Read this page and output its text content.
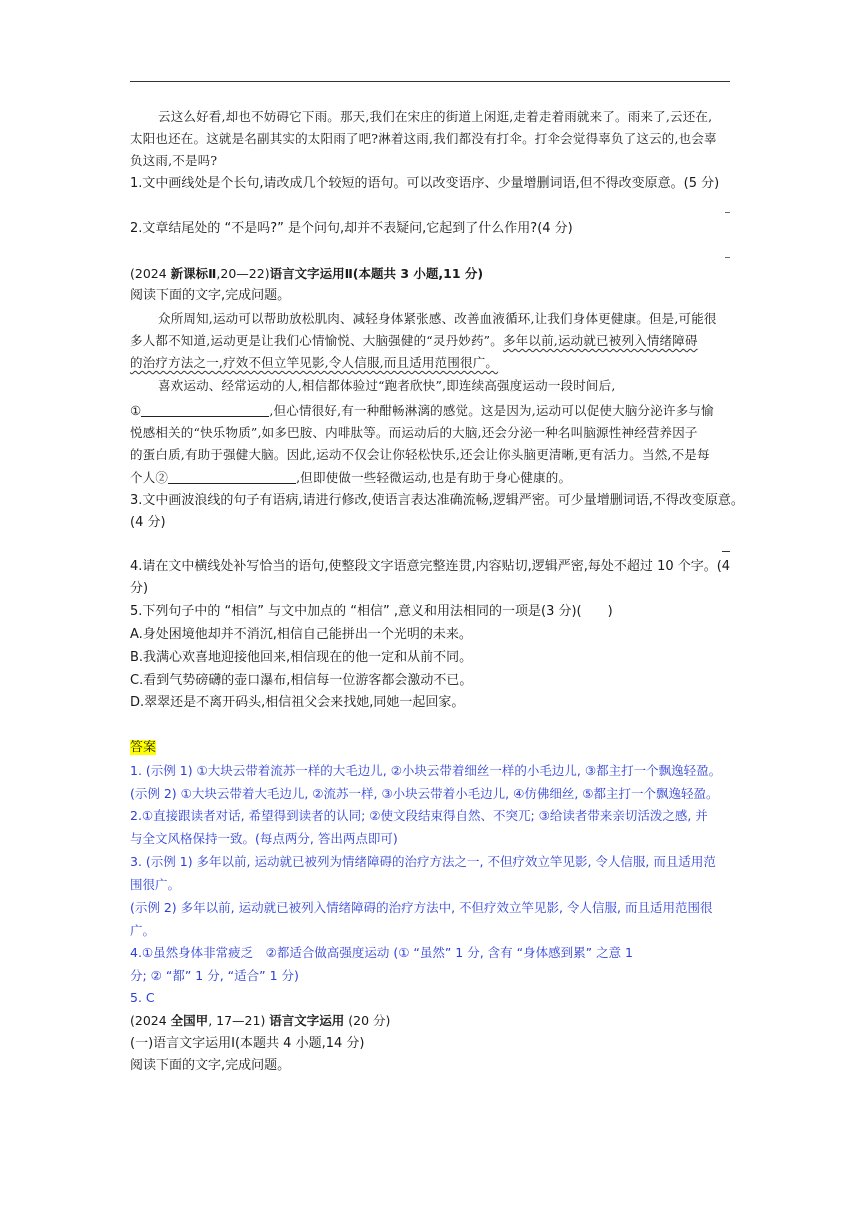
云这么好看,却也不妨碍它下雨。那天,我们在宋庄的街道上闲逛,走着走着雨就来了。雨来了,云还在,
太阳也还在。这就是名副其实的太阳雨了吧?淋着这雨,我们都没有打伞。打伞会觉得辜负了这云的,也会辜
负这雨,不是吗?
1.文中画线处是个长句,请改成几个较短的语句。可以改变语序、少量增删词语,但不得改变原意。(5 分)
2.文章结尾处的 “不是吗?” 是个问句,却并不表疑问,它起到了什么作用?(4 分)
(2024 新课标Ⅱ,20—22)语言文字运用Ⅱ(本题共 3 小题,11 分)
阅读下面的文字,完成问题。
众所周知,运动可以帮助放松肌肉、减轻身体紧张感、改善血液循环,让我们身体更健康。但是,可能很
多人都不知道,运动更是让我们心情愉悦、大脑强健的“灵丹妙药”。多年以前,运动就已被列入情绪障碍
的治疗方法之一,疗效不但立竿见影,令人信服,而且适用范围很广。
喜欢运动、经常运动的人,相信都体验过“跑者欣快”,即连续高强度运动一段时间后,
①	,但心情很好,有一种酣畅淋漓的感觉。这是因为,运动可以促使大脑分泌许多与愉
悦感相关的“快乐物质”,如多巴胺、内啡肽等。而运动后的大脑,还会分泌一种名叫脑源性神经营养因子
的蛋白质,有助于强健大脑。因此,运动不仅会让你轻松快乐,还会让你头脑更清晰,更有活力。当然,不是每
个人②	,但即使做一些轻微运动,也是有助于身心健康的。
3.文中画波浪线的句子有语病,请进行修改,使语言表达准确流畅,逻辑严密。可少量增删词语,不得改变原意。
(4 分)
4.请在文中横线处补写恰当的语句,使整段文字语意完整连贯,内容贴切,逻辑严密,每处不超过 10 个字。(4
分)
5.下列句子中的 “相信” 与文中加点的 “相信” ,意义和用法相同的一项是(3 分)(　　)
A.身处困境他却并不消沉,相信自己能拼出一个光明的未来。
B.我满心欢喜地迎接他回来,相信现在的他一定和从前不同。
C.看到气势磅礴的壶口瀑布,相信每一位游客都会激动不已。
D.翠翠还是不离开码头,相信祖父会来找她,同她一起回家。
答案
1. (示例 1) ①大块云带着流苏一样的大毛边儿, ②小块云带着细丝一样的小毛边儿, ③都主打一个飘逸轻盈。
(示例 2) ①大块云带着大毛边儿, ②流苏一样, ③小块云带着小毛边儿, ④仿佛细丝, ⑤都主打一个飘逸轻盈。
2.①直接跟读者对话, 希望得到读者的认同; ②使文段结束得自然、不突兀; ③给读者带来亲切活泼之感, 并
与全文风格保持一致。(每点两分, 答出两点即可)
3. (示例 1) 多年以前, 运动就已被列为情绪障碍的治疗方法之一, 不但疗效立竿见影, 令人信服, 而且适用范
围很广。
(示例 2) 多年以前, 运动就已被列入情绪障碍的治疗方法中, 不但疗效立竿见影, 令人信服, 而且适用范围很
广。
4.①虽然身体非常疲乏　②都适合做高强度运动 (① “虽然” 1 分, 含有 “身体感到累” 之意 1
分; ② “都” 1 分, “适合” 1 分)
5. C
(2024 全国甲, 17—21) 语言文字运用 (20 分)
(一)语言文字运用Ⅰ(本题共 4 小题,14 分)
阅读下面的文字,完成问题。
